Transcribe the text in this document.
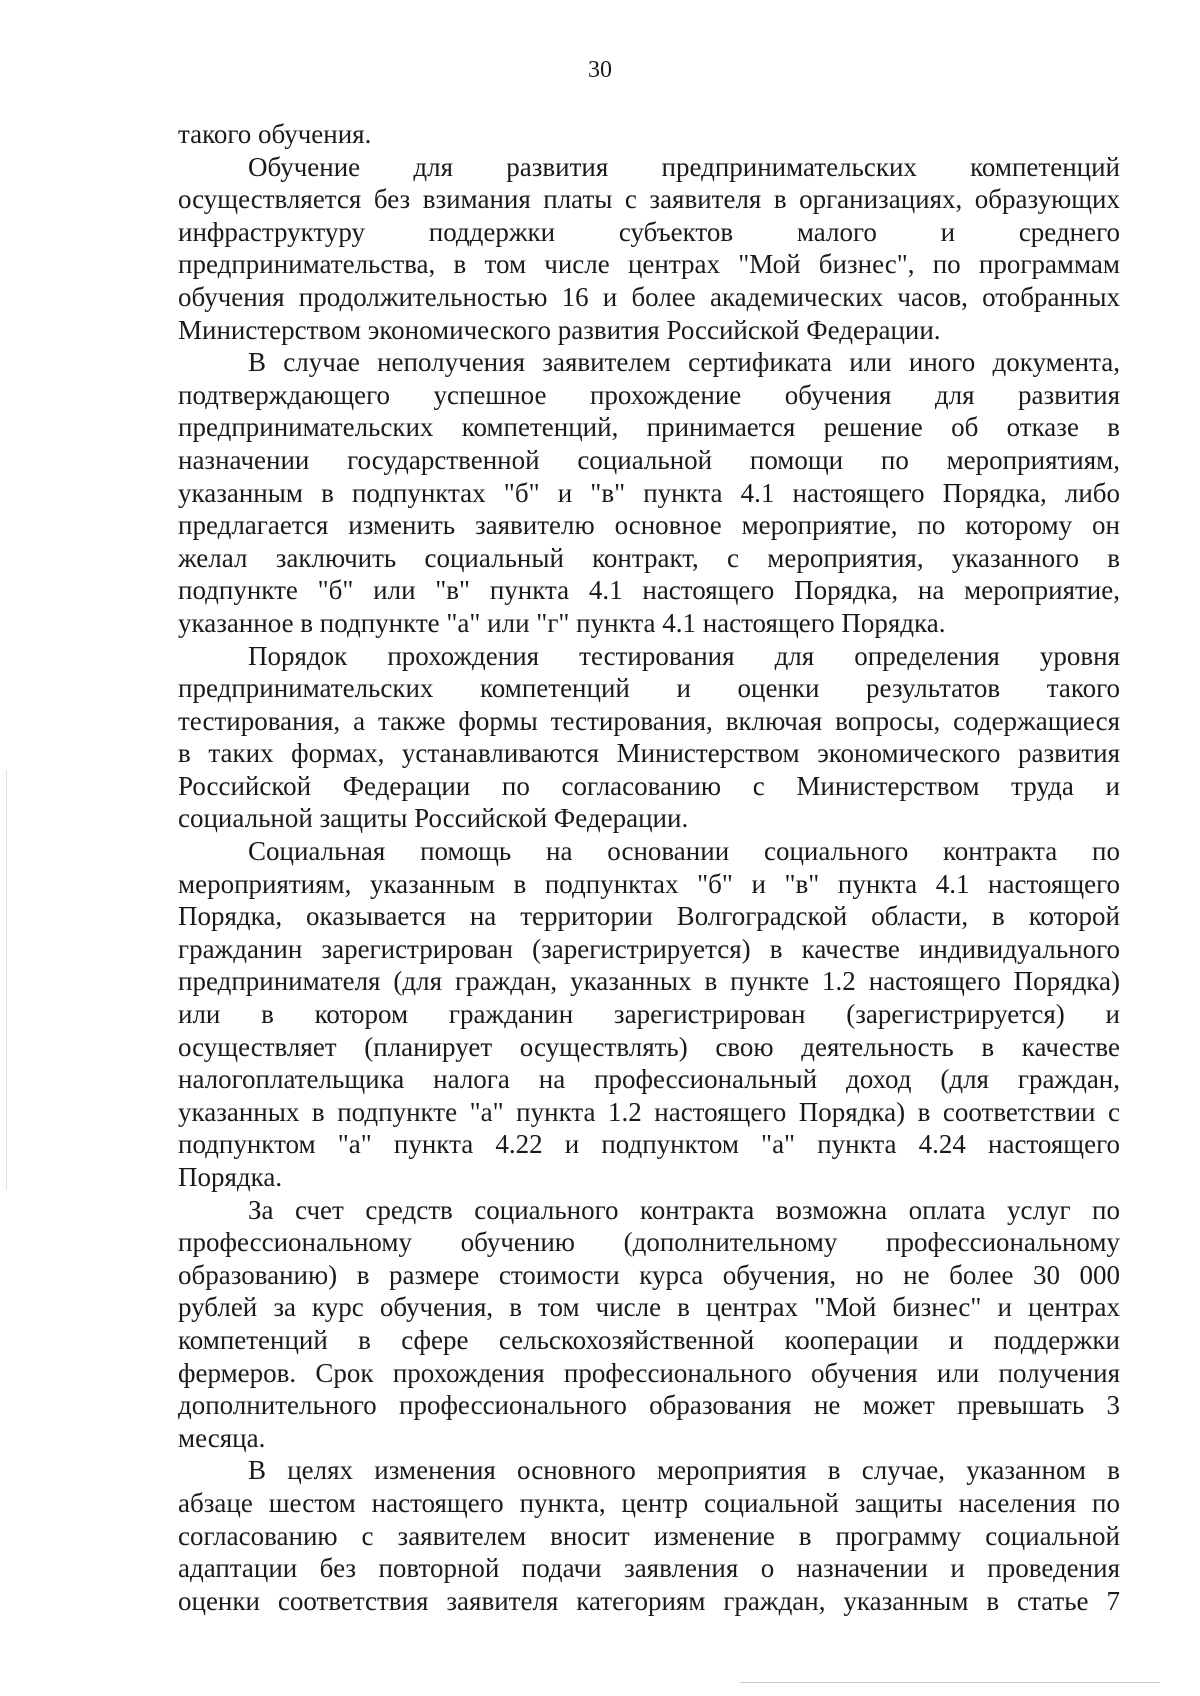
30
такого обучения.
Обучение для развития предпринимательских компетенций
осуществляется без взимания платы с заявителя в организациях, образующих
инфраструктуру поддержки субъектов малого и среднего
предпринимательства, в том числе центрах "Мой бизнес", по программам
обучения продолжительностью 16 и более академических часов, отобранных
Министерством экономического развития Российской Федерации.
В случае неполучения заявителем сертификата или иного документа,
подтверждающего успешное прохождение обучения для развития
предпринимательских компетенций, принимается решение об отказе в
назначении государственной социальной помощи по мероприятиям,
указанным в подпунктах "б" и "в" пункта 4.1 настоящего Порядка, либо
предлагается изменить заявителю основное мероприятие, по которому он
желал заключить социальный контракт, с мероприятия, указанного в
подпункте "б" или "в" пункта 4.1 настоящего Порядка, на мероприятие,
указанное в подпункте "а" или "г" пункта 4.1 настоящего Порядка.
Порядок прохождения тестирования для определения уровня
предпринимательских компетенций и оценки результатов такого
тестирования, а также формы тестирования, включая вопросы, содержащиеся
в таких формах, устанавливаются Министерством экономического развития
Российской Федерации по согласованию с Министерством труда и
социальной защиты Российской Федерации.
Социальная помощь на основании социального контракта по
мероприятиям, указанным в подпунктах "б" и "в" пункта 4.1 настоящего
Порядка, оказывается на территории Волгоградской области, в которой
гражданин зарегистрирован (зарегистрируется) в качестве индивидуального
предпринимателя (для граждан, указанных в пункте 1.2 настоящего Порядка)
или в котором гражданин зарегистрирован (зарегистрируется) и
осуществляет (планирует осуществлять) свою деятельность в качестве
налогоплательщика налога на профессиональный доход (для граждан,
указанных в подпункте "а" пункта 1.2 настоящего Порядка) в соответствии с
подпунктом "а" пункта 4.22 и подпунктом "а" пункта 4.24 настоящего
Порядка.
За счет средств социального контракта возможна оплата услуг по
профессиональному обучению (дополнительному профессиональному
образованию) в размере стоимости курса обучения, но не более 30 000
рублей за курс обучения, в том числе в центрах "Мой бизнес" и центрах
компетенций в сфере сельскохозяйственной кооперации и поддержки
фермеров. Срок прохождения профессионального обучения или получения
дополнительного профессионального образования не может превышать 3
месяца.
В целях изменения основного мероприятия в случае, указанном в
абзаце шестом настоящего пункта, центр социальной защиты населения по
согласованию с заявителем вносит изменение в программу социальной
адаптации без повторной подачи заявления о назначении и проведения
оценки соответствия заявителя категориям граждан, указанным в статье 7
